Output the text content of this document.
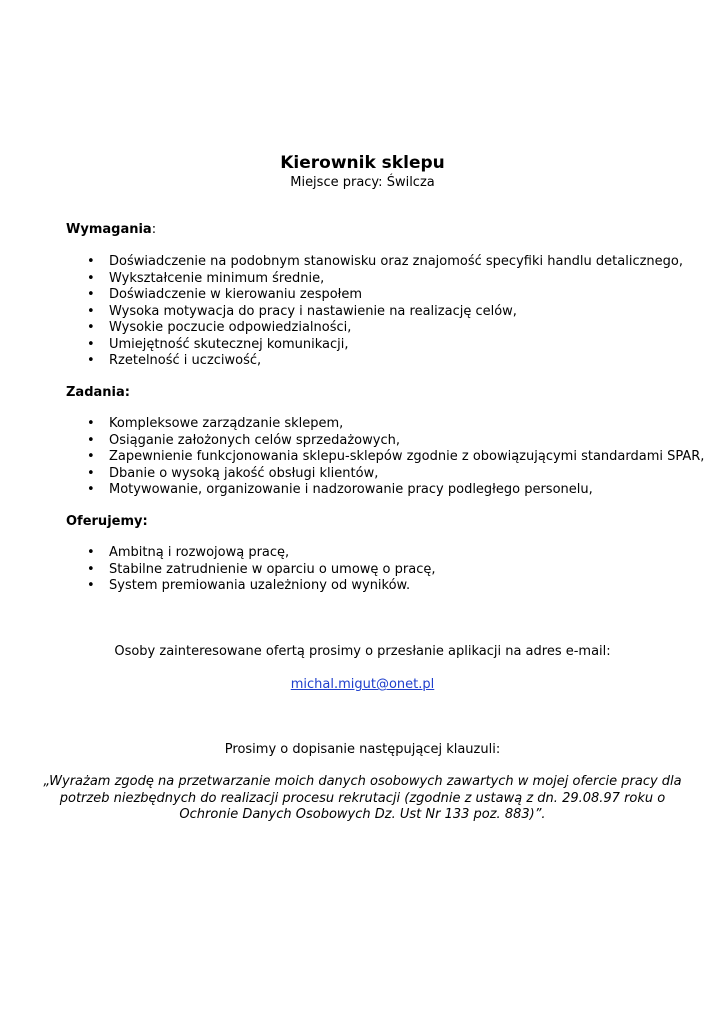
Kierownik sklepu
Miejsce pracy: Świlcza
Wymagania:
• Doświadczenie na podobnym stanowisku oraz znajomość specyfiki handlu detalicznego,
• Wykształcenie minimum średnie,
• Doświadczenie w kierowaniu zespołem
• Wysoka motywacja do pracy i nastawienie na realizację celów,
• Wysokie poczucie odpowiedzialności,
• Umiejętność skutecznej komunikacji,
• Rzetelność i uczciwość,
Zadania:
• Kompleksowe zarządzanie sklepem,
• Osiąganie założonych celów sprzedażowych,
• Zapewnienie funkcjonowania sklepu-sklepów zgodnie z obowiązującymi standardami SPAR,
• Dbanie o wysoką jakość obsługi klientów,
• Motywowanie, organizowanie i nadzorowanie pracy podległego personelu,
Oferujemy:
• Ambitną i rozwojową pracę,
• Stabilne zatrudnienie w oparciu o umowę o pracę,
• System premiowania uzależniony od wyników.
Osoby zainteresowane ofertą prosimy o przesłanie aplikacji na adres e-mail:
michal.migut@onet.pl
Prosimy o dopisanie następującej klauzuli:
„Wyrażam zgodę na przetwarzanie moich danych osobowych zawartych w mojej ofercie pracy dla potrzeb niezbędnych do realizacji procesu rekrutacji (zgodnie z ustawą z dn. 29.08.97 roku o Ochronie Danych Osobowych Dz. Ust Nr 133 poz. 883)”.
